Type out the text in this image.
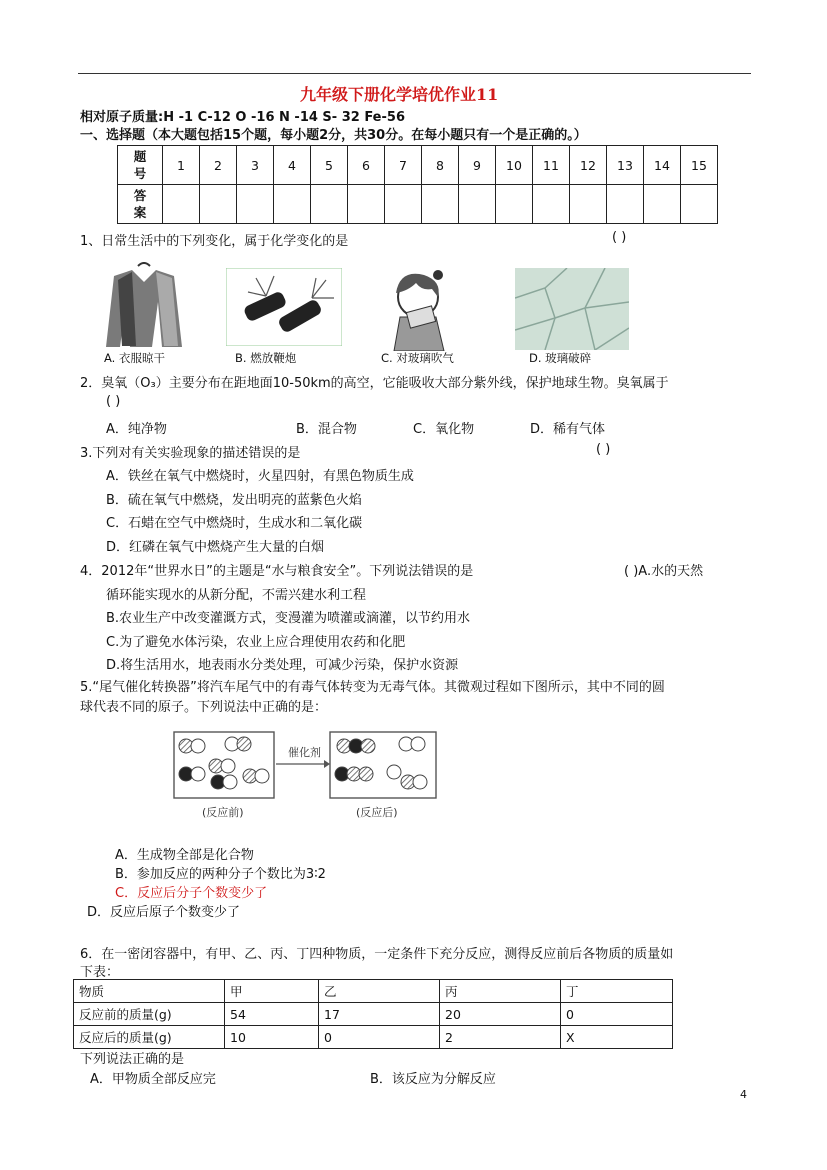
九年级下册化学培优作业11
相对原子质量:H -1 C-12 O -16 N -14 S- 32 Fe-56
一、选择题（本大题包括15个题，每小题2分，共30分。在每小题只有一个是正确的。）
题
号	1	2	3	4	5	6	7	8	9	10	11	12	13	14	15
答
案															
1、日常生活中的下列变化，属于化学变化的是	( )
A. 衣服晾干	B. 燃放鞭炮	C. 对玻璃吹气	D. 玻璃破碎
2．臭氧（O₃）主要分布在距地面10-50km的高空，它能吸收大部分紫外线，保护地球生物。臭氧属于
( )
A．纯净物	B．混合物	C．氧化物	D．稀有气体
3.下列对有关实验现象的描述错误的是	( )
A．铁丝在氧气中燃烧时，火星四射，有黑色物质生成
B．硫在氧气中燃烧，发出明亮的蓝紫色火焰
C．石蜡在空气中燃烧时，生成水和二氧化碳
D．红磷在氧气中燃烧产生大量的白烟
4．2012年“世界水日”的主题是“水与粮食安全”。下列说法错误的是	( )A.水的天然
循环能实现水的从新分配，不需兴建水利工程
B.农业生产中改变灌溉方式，变漫灌为喷灌或滴灌，以节约用水
C.为了避免水体污染，农业上应合理使用农药和化肥
D.将生活用水，地表雨水分类处理，可减少污染，保护水资源
5.“尾气催化转换器”将汽车尾气中的有毒气体转变为无毒气体。其微观过程如下图所示，其中不同的圆
球代表不同的原子。下列说法中正确的是：
催化剂
(反应前)	(反应后)
A．生成物全部是化合物
B．参加反应的两种分子个数比为3∶2
C．反应后分子个数变少了
D．反应后原子个数变少了
6．在一密闭容器中，有甲、乙、丙、丁四种物质，一定条件下充分反应，测得反应前后各物质的质量如
下表：
物质	甲	乙	丙	丁
反应前的质量(g)	54	17	20	0
反应后的质量(g)	10	0	2	X
下列说法正确的是
A．甲物质全部反应完	B．该反应为分解反应
4
